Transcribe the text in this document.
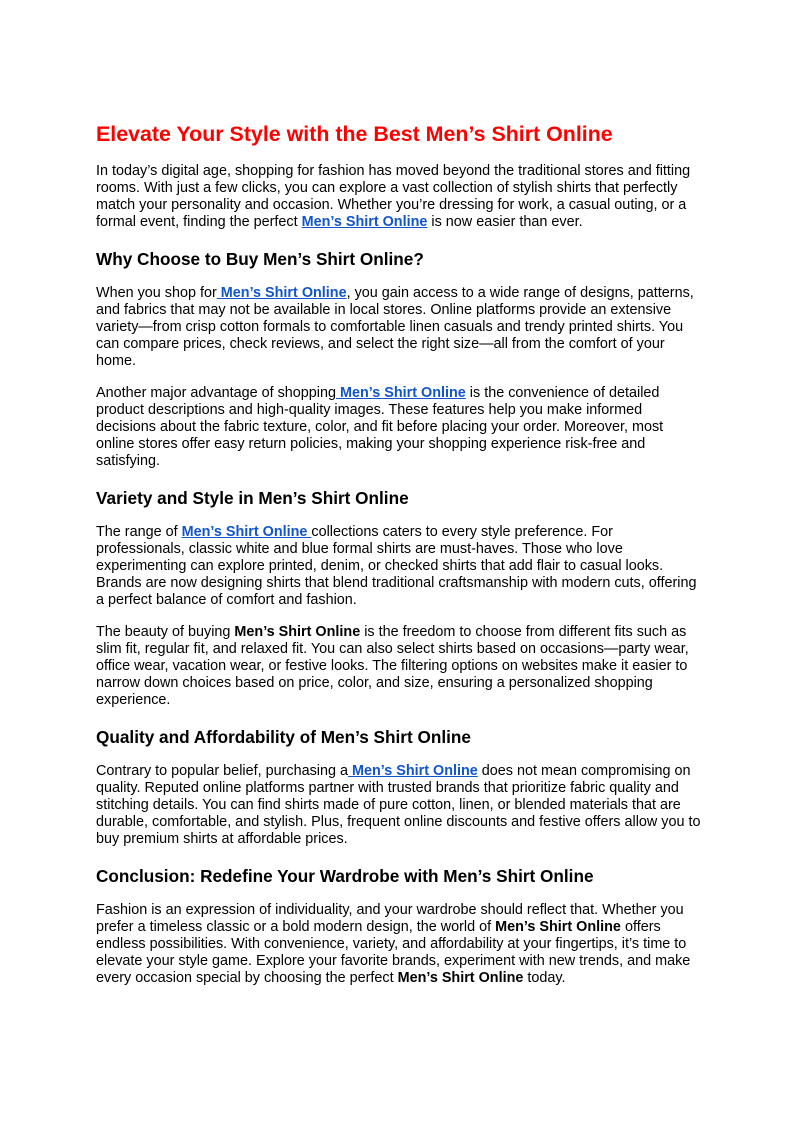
Elevate Your Style with the Best Men’s Shirt Online

In today’s digital age, shopping for fashion has moved beyond the traditional stores and fitting rooms. With just a few clicks, you can explore a vast collection of stylish shirts that perfectly match your personality and occasion. Whether you’re dressing for work, a casual outing, or a formal event, finding the perfect Men’s Shirt Online is now easier than ever.

Why Choose to Buy Men’s Shirt Online?

When you shop for Men’s Shirt Online, you gain access to a wide range of designs, patterns, and fabrics that may not be available in local stores. Online platforms provide an extensive variety—from crisp cotton formals to comfortable linen casuals and trendy printed shirts. You can compare prices, check reviews, and select the right size—all from the comfort of your home.

Another major advantage of shopping Men’s Shirt Online is the convenience of detailed product descriptions and high-quality images. These features help you make informed decisions about the fabric texture, color, and fit before placing your order. Moreover, most online stores offer easy return policies, making your shopping experience risk-free and satisfying.

Variety and Style in Men’s Shirt Online

The range of Men’s Shirt Online collections caters to every style preference. For professionals, classic white and blue formal shirts are must-haves. Those who love experimenting can explore printed, denim, or checked shirts that add flair to casual looks. Brands are now designing shirts that blend traditional craftsmanship with modern cuts, offering a perfect balance of comfort and fashion.

The beauty of buying Men’s Shirt Online is the freedom to choose from different fits such as slim fit, regular fit, and relaxed fit. You can also select shirts based on occasions—party wear, office wear, vacation wear, or festive looks. The filtering options on websites make it easier to narrow down choices based on price, color, and size, ensuring a personalized shopping experience.

Quality and Affordability of Men’s Shirt Online

Contrary to popular belief, purchasing a Men’s Shirt Online does not mean compromising on quality. Reputed online platforms partner with trusted brands that prioritize fabric quality and stitching details. You can find shirts made of pure cotton, linen, or blended materials that are durable, comfortable, and stylish. Plus, frequent online discounts and festive offers allow you to buy premium shirts at affordable prices.

Conclusion: Redefine Your Wardrobe with Men’s Shirt Online

Fashion is an expression of individuality, and your wardrobe should reflect that. Whether you prefer a timeless classic or a bold modern design, the world of Men’s Shirt Online offers endless possibilities. With convenience, variety, and affordability at your fingertips, it’s time to elevate your style game. Explore your favorite brands, experiment with new trends, and make every occasion special by choosing the perfect Men’s Shirt Online today.
